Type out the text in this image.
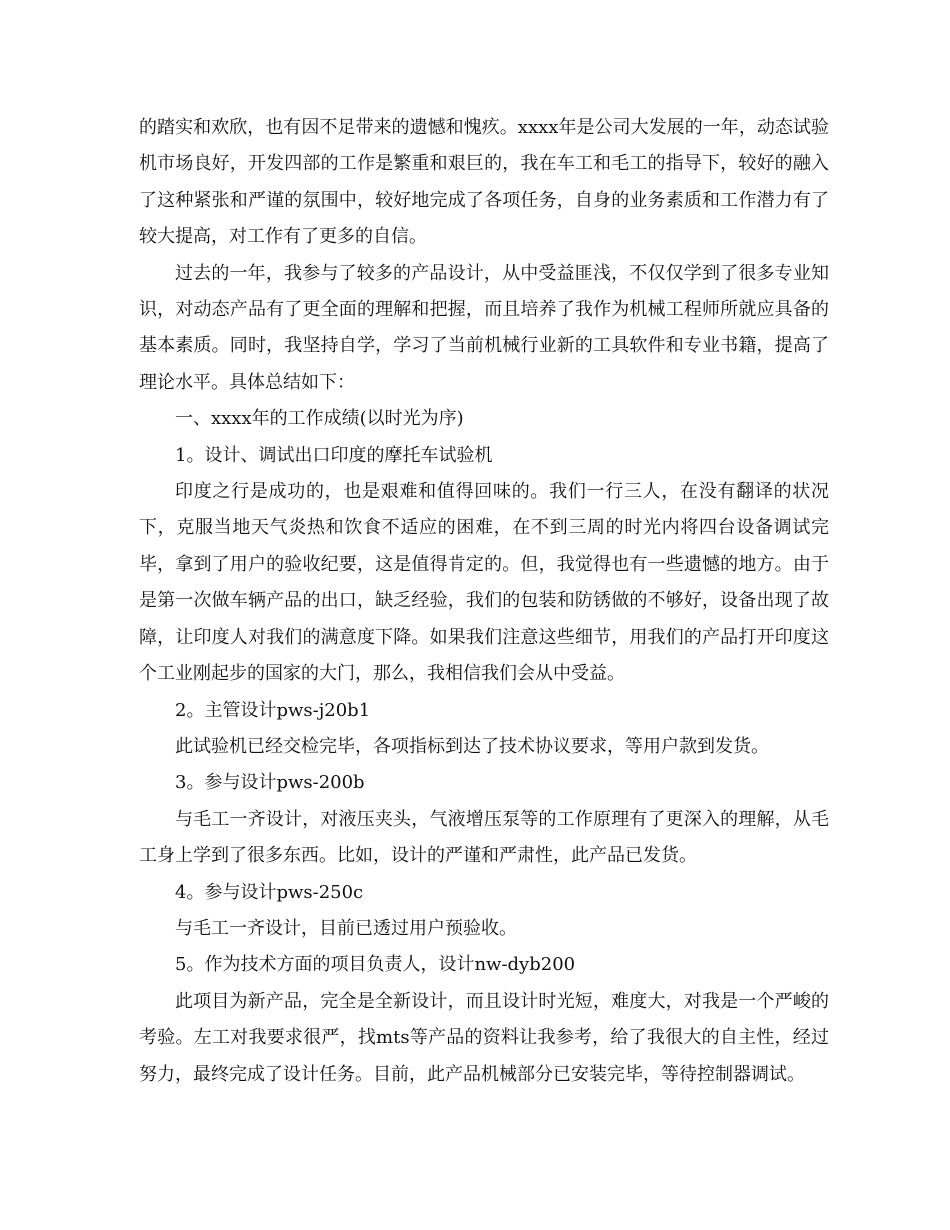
的踏实和欢欣，也有因不足带来的遗憾和愧疚。xxxx年是公司大发展的一年，动态试验机市场良好，开发四部的工作是繁重和艰巨的，我在车工和毛工的指导下，较好的融入了这种紧张和严谨的氛围中，较好地完成了各项任务，自身的业务素质和工作潜力有了较大提高，对工作有了更多的自信。

过去的一年，我参与了较多的产品设计，从中受益匪浅，不仅仅学到了很多专业知识，对动态产品有了更全面的理解和把握，而且培养了我作为机械工程师所就应具备的基本素质。同时，我坚持自学，学习了当前机械行业新的工具软件和专业书籍，提高了理论水平。具体总结如下：

一、xxxx年的工作成绩(以时光为序)

1。设计、调试出口印度的摩托车试验机

印度之行是成功的，也是艰难和值得回味的。我们一行三人，在没有翻译的状况下，克服当地天气炎热和饮食不适应的困难，在不到三周的时光内将四台设备调试完毕，拿到了用户的验收纪要，这是值得肯定的。但，我觉得也有一些遗憾的地方。由于是第一次做车辆产品的出口，缺乏经验，我们的包装和防锈做的不够好，设备出现了故障，让印度人对我们的满意度下降。如果我们注意这些细节，用我们的产品打开印度这个工业刚起步的国家的大门，那么，我相信我们会从中受益。

2。主管设计pws-j20b1

此试验机已经交检完毕，各项指标到达了技术协议要求，等用户款到发货。

3。参与设计pws-200b

与毛工一齐设计，对液压夹头，气液增压泵等的工作原理有了更深入的理解，从毛工身上学到了很多东西。比如，设计的严谨和严肃性，此产品已发货。

4。参与设计pws-250c

与毛工一齐设计，目前已透过用户预验收。

5。作为技术方面的项目负责人，设计nw-dyb200

此项目为新产品，完全是全新设计，而且设计时光短，难度大，对我是一个严峻的考验。左工对我要求很严，找mts等产品的资料让我参考，给了我很大的自主性，经过努力，最终完成了设计任务。目前，此产品机械部分已安装完毕，等待控制器调试。
